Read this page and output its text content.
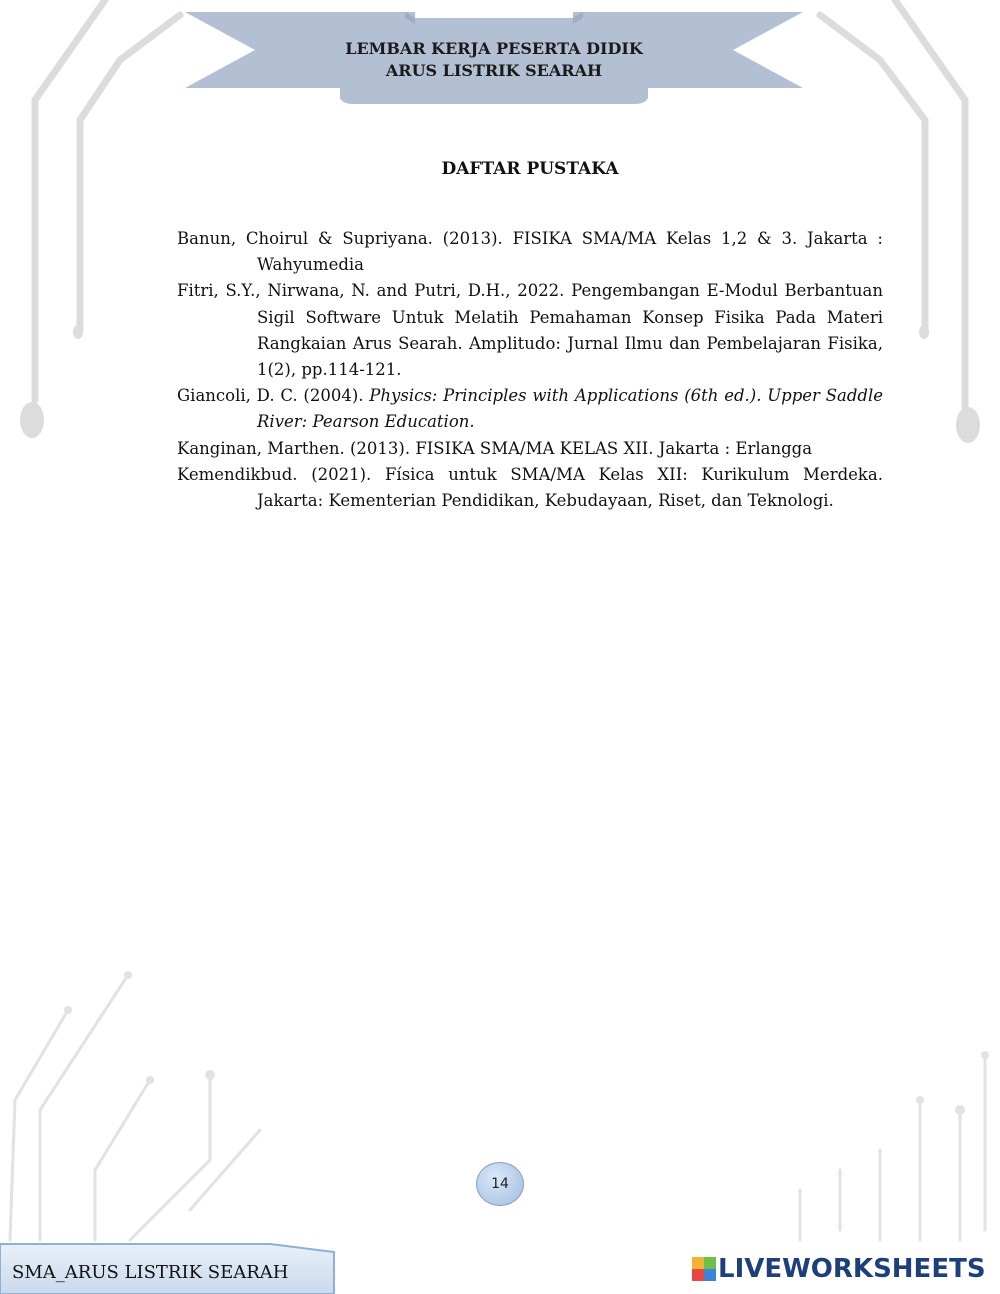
LEMBAR KERJA PESERTA DIDIK
ARUS LISTRIK SEARAH
DAFTAR PUSTAKA

Banun, Choirul & Supriyana. (2013). FISIKA SMA/MA Kelas 1,2 & 3. Jakarta : Wahyumedia

Fitri, S.Y., Nirwana, N. and Putri, D.H., 2022. Pengembangan E-Modul Berbantuan Sigil Software Untuk Melatih Pemahaman Konsep Fisika Pada Materi Rangkaian Arus Searah. Amplitudo: Jurnal Ilmu dan Pembelajaran Fisika, 1(2), pp.114-121.

Giancoli, D. C. (2004). Physics: Principles with Applications (6th ed.). Upper Saddle River: Pearson Education.

Kanginan, Marthen. (2013). FISIKA SMA/MA KELAS XII. Jakarta : Erlangga

Kemendikbud. (2021). Física untuk SMA/MA Kelas XII: Kurikulum Merdeka. Jakarta: Kementerian Pendidikan, Kebudayaan, Riset, dan Teknologi.

14
SMA_ARUS LISTRIK SEARAH	LIVEWORKSHEETS
